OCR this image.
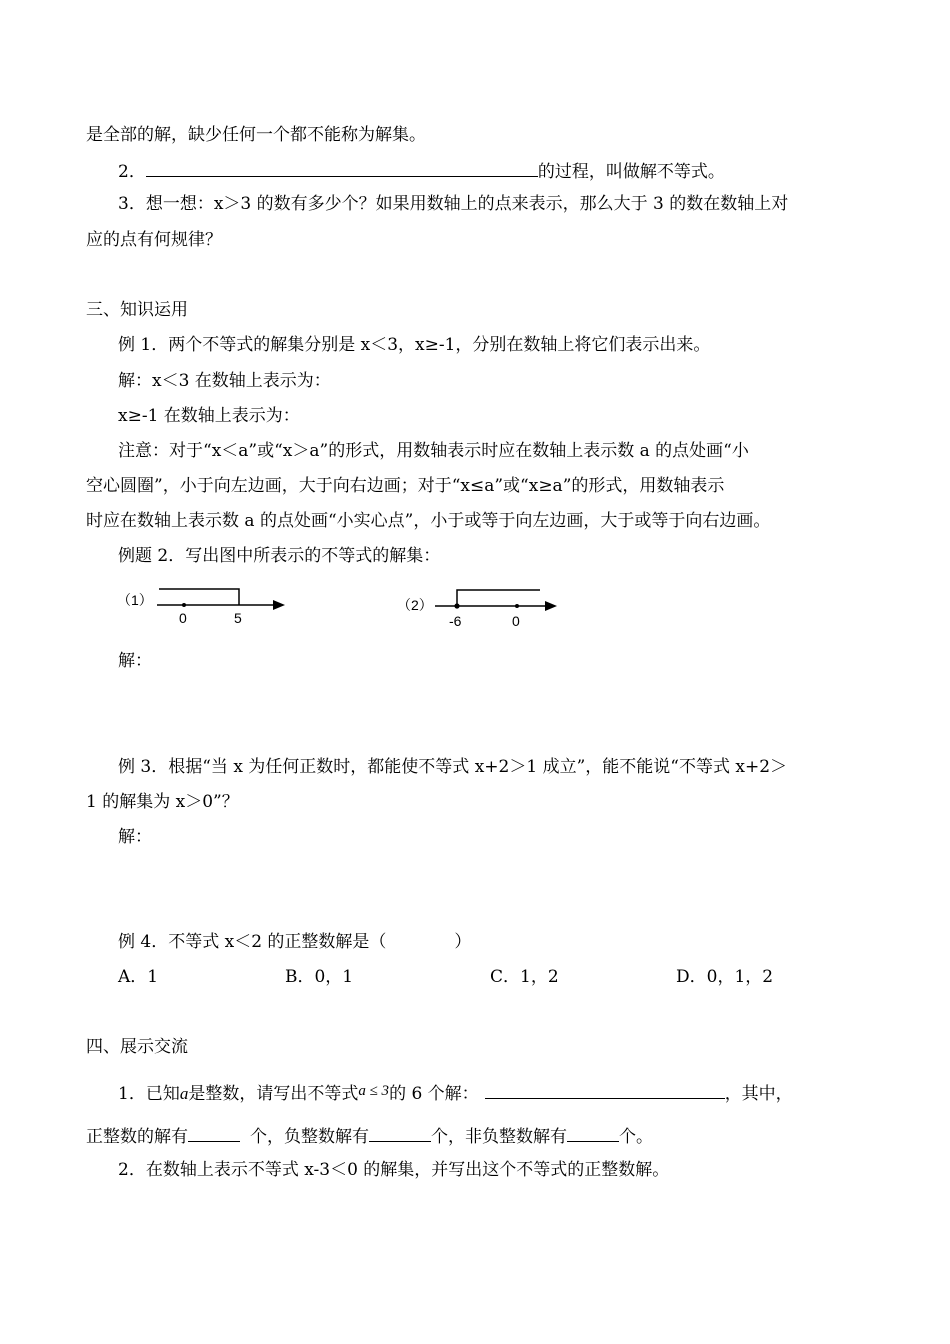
是全部的解，缺少任何一个都不能称为解集。
2．	的过程，叫做解不等式。
3．想一想：x＞3 的数有多少个？如果用数轴上的点来表示，那么大于 3 的数在数轴上对
应的点有何规律？
三、知识运用
例 1．两个不等式的解集分别是 x＜3，x≥-1，分别在数轴上将它们表示出来。
解：x＜3 在数轴上表示为：
x≥-1 在数轴上表示为：
注意：对于“x＜a”或“x＞a”的形式，用数轴表示时应在数轴上表示数 a 的点处画“小
空心圆圈”，小于向左边画，大于向右边画；对于“x≤a”或“x≥a”的形式，用数轴表示
时应在数轴上表示数 a 的点处画“小实心点”，小于或等于向左边画，大于或等于向右边画。
例题 2．写出图中所表示的不等式的解集：
（1）
0	5
（2）
-6	0
解：
例 3．根据“当 x 为任何正数时，都能使不等式 x+2＞1 成立”，能不能说“不等式 x+2＞
1 的解集为 x＞0”？
解：
例 4．不等式 x＜2 的正整数解是（　　　　）
A．1	B．0，1	C．1，2	D．0，1，2
四、展示交流
1．已知a是整数，请写出不等式a ≤ 3的 6 个解：	，其中，
正整数的解有	个，负整数解有	个，非负整数解有	个。
2．在数轴上表示不等式 x-3＜0 的解集，并写出这个不等式的正整数解。
